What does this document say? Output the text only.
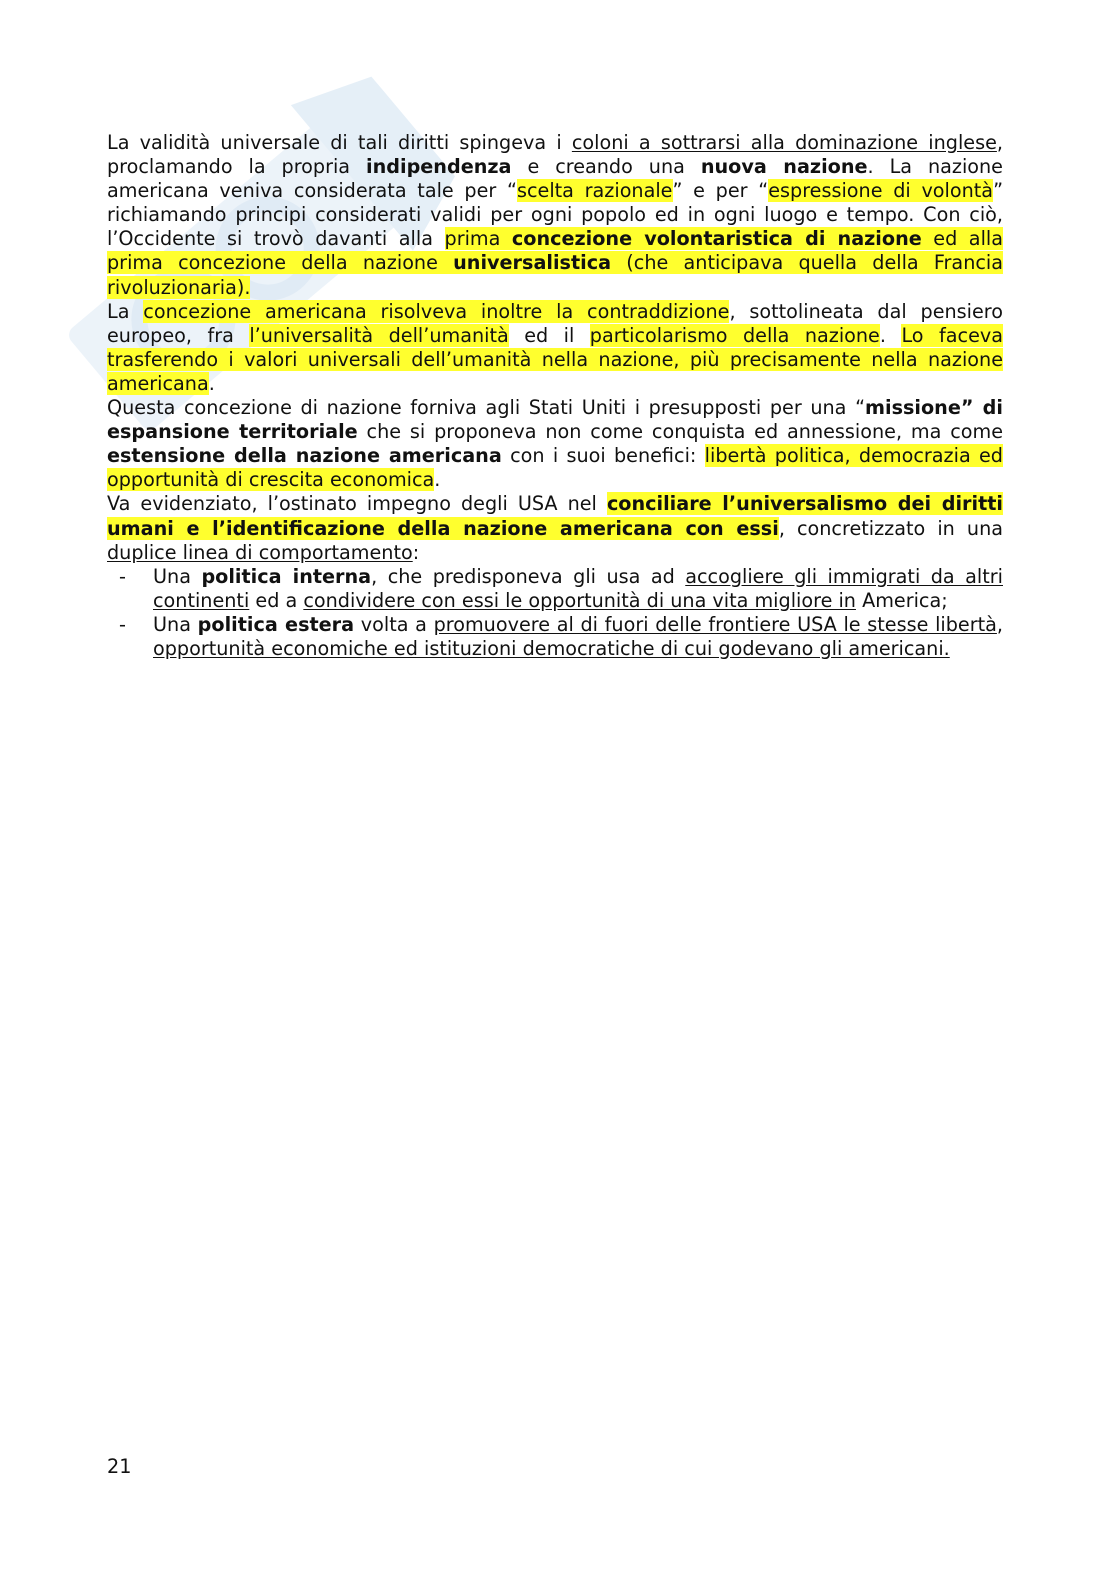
La validità universale di tali diritti spingeva i coloni a sottrarsi alla dominazione inglese, proclamando la propria indipendenza e creando una nuova nazione. La nazione americana veniva considerata tale per “scelta razionale” e per “espressione di volontà” richiamando principi considerati validi per ogni popolo ed in ogni luogo e tempo. Con ciò, l’Occidente si trovò davanti alla prima concezione volontaristica di nazione ed alla prima concezione della nazione universalistica (che anticipava quella della Francia rivoluzionaria).

La concezione americana risolveva inoltre la contraddizione, sottolineata dal pensiero europeo, fra l’universalità dell’umanità ed il particolarismo della nazione. Lo faceva trasferendo i valori universali dell’umanità nella nazione, più precisamente nella nazione americana.

Questa concezione di nazione forniva agli Stati Uniti i presupposti per una “missione” di espansione territoriale che si proponeva non come conquista ed annessione, ma come estensione della nazione americana con i suoi benefici: libertà politica, democrazia ed opportunità di crescita economica.

Va evidenziato, l’ostinato impegno degli USA nel conciliare l’universalismo dei diritti umani e l’identificazione della nazione americana con essi, concretizzato in una duplice linea di comportamento:

- Una politica interna, che predisponeva gli usa ad accogliere gli immigrati da altri continenti ed a condividere con essi le opportunità di una vita migliore in America;
- Una politica estera volta a promuovere al di fuori delle frontiere USA le stesse libertà, opportunità economiche ed istituzioni democratiche di cui godevano gli americani.
21
